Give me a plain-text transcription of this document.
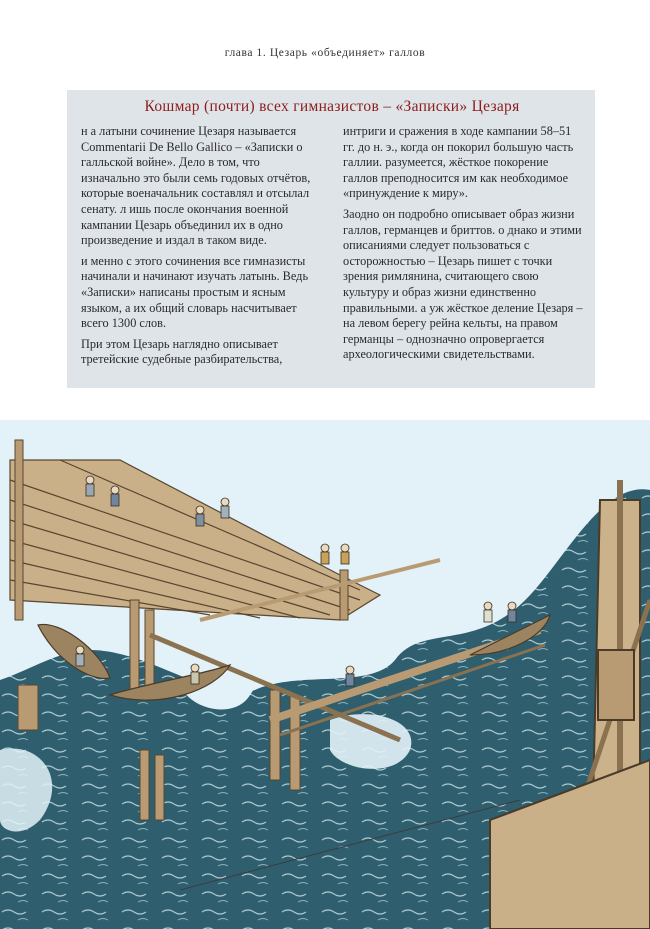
глава 1. Цезарь «объединяет» галлов
Кошмар (почти) всех гимназистов – «Записки» Цезаря

н а латыни сочинение Цезаря называется Commentarii De Bello Gallico – «Записки о галльской войне». Дело в том, что изначально это были семь годовых отчётов, которые военачальник составлял и отсылал сенату. л ишь после окончания военной кампании Цезарь объединил их в одно произведение и издал в таком виде.

и менно с этого сочинения все гимназисты начинали и начинают изучать латынь. Ведь «Записки» написаны простым и ясным языком, а их общий словарь насчитывает всего 1300 слов.

При этом Цезарь наглядно описывает третейские судебные разбирательства,

интриги и сражения в ходе кампании 58–51 гг. до н. э., когда он покорил большую часть галлии. разумеется, жёсткое покорение галлов преподносится им как необходимое «принуждение к миру».

Заодно он подробно описывает образ жизни галлов, германцев и бриттов. о днако и этими описаниями следует пользоваться с осторожностью – Цезарь пишет с точки зрения римлянина, считающего свою культуру и образ жизни единственно правильными. а уж жёсткое деление Цезаря – на левом берегу рейна кельты, на правом германцы – однозначно опровергается археологическими свидетельствами.
